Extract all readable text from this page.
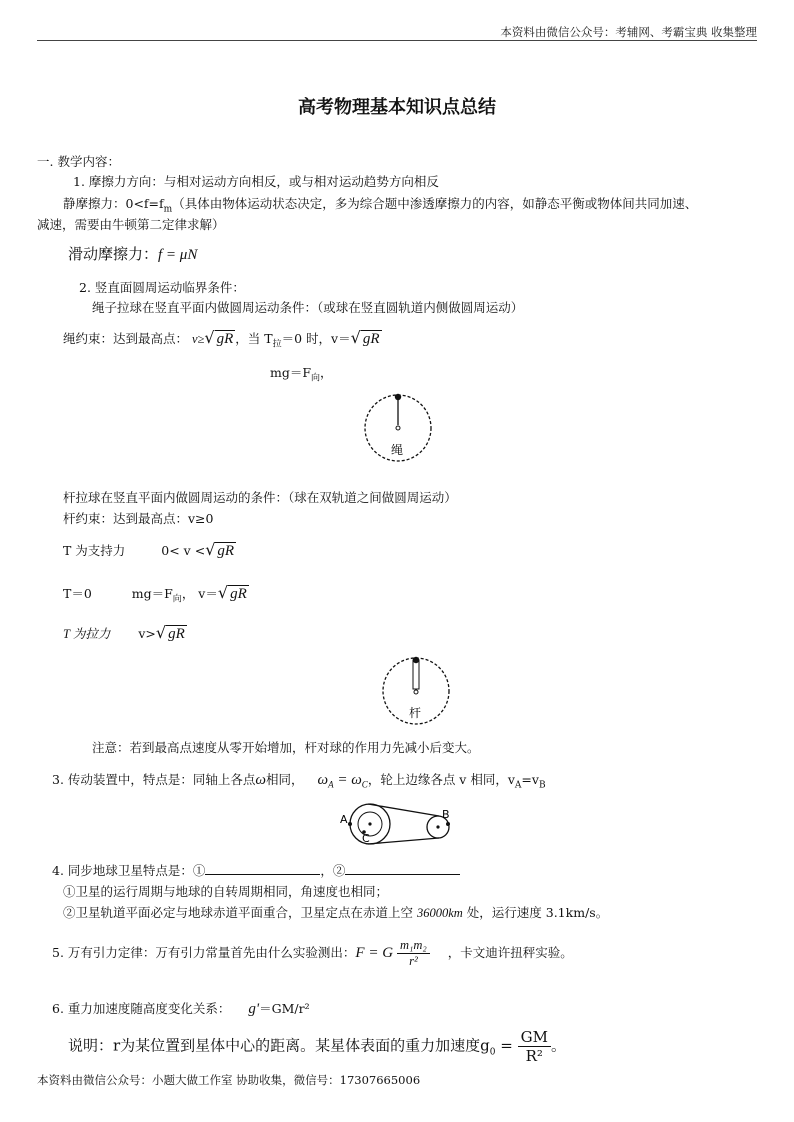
本资料由微信公众号：考辅网、考霸宝典 收集整理
高考物理基本知识点总结
一. 教学内容：
1. 摩擦力方向：与相对运动方向相反，或与相对运动趋势方向相反
静摩擦力：$0<f=f_m$（具体由物体运动状态决定，多为综合题中渗透摩擦力的内容，如静态平衡或物体间共同加速、
减速，需要由牛顿第二定律求解）
滑动摩擦力：f = μN
2. 竖直面圆周运动临界条件：
绳子拉球在竖直平面内做圆周运动条件：（或球在竖直圆轨道内侧做圆周运动）
绳约束：达到最高点： v≥√ gR ，当 $T_拉=0$ 时，v＝√ gR
$mg=F_向$，
绳
杆拉球在竖直平面内做圆周运动的条件：（球在双轨道之间做圆周运动）
杆约束：达到最高点：v≥0
T 为支持力	0< v <√ gR
T＝0	$mg=F_向$， v＝√ gR
T 为拉力 v>√ gR
杆
注意：若到最高点速度从零开始增加，杆对球的作用力先减小后变大。
3. 传动装置中，特点是：同轴上各点ω相同， $\omega_A = \omega_C$，轮上边缘各点 v 相同，$v_A=v_B$
A
C
B
4. 同步地球卫星特点是：①	，②
①卫星的运行周期与地球的自转周期相同，角速度也相同；
②卫星轨道平面必定与地球赤道平面重合，卫星定点在赤道上空 36000km 处，运行速度 3.1km/s。
5. 万有引力定律：万有引力常量首先由什么实验测出：F = G $\frac{\text{m₁m₂}}{\text{r²}}$ ，卡文迪许扭秤实验。
6. 重力加速度随高度变化关系： g'＝GM/r²
说明：r为某位置到星体中心的距离。某星体表面的重力加速度$g_0 = \frac{GM}{\text{R²}}$ 。
本资料由微信公众号：小题大做工作室 协助收集，微信号：17307665006
